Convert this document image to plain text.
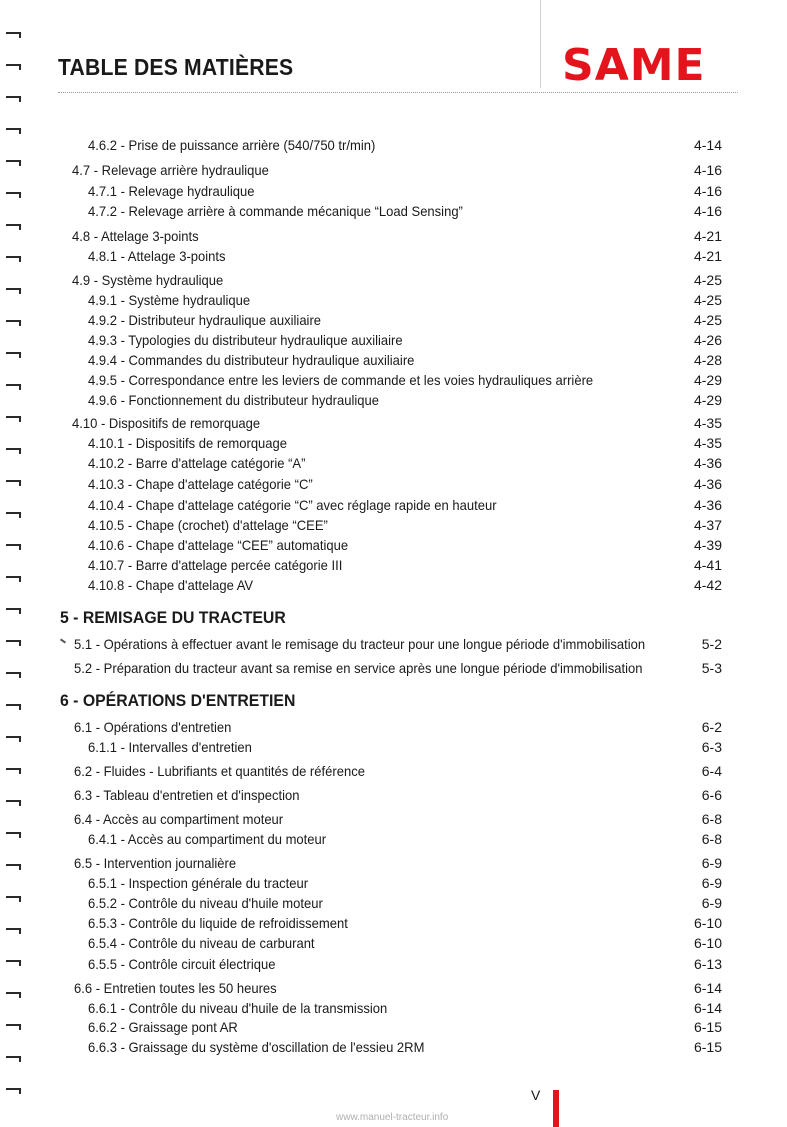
TABLE DES MATIÈRES	SAME
4.6.2 - Prise de puissance arrière (540/750 tr/min)	4-14
4.7 - Relevage arrière hydraulique	4-16
4.7.1 - Relevage hydraulique	4-16
4.7.2 - Relevage arrière à commande mécanique “Load Sensing”	4-16
4.8 - Attelage 3-points	4-21
4.8.1 - Attelage 3-points	4-21
4.9 - Système hydraulique	4-25
4.9.1 - Système hydraulique	4-25
4.9.2 - Distributeur hydraulique auxiliaire	4-25
4.9.3 - Typologies du distributeur hydraulique auxiliaire	4-26
4.9.4 - Commandes du distributeur hydraulique auxiliaire	4-28
4.9.5 - Correspondance entre les leviers de commande et les voies hydrauliques arrière	4-29
4.9.6 - Fonctionnement du distributeur hydraulique	4-29
4.10 - Dispositifs de remorquage	4-35
4.10.1 - Dispositifs de remorquage	4-35
4.10.2 - Barre d'attelage catégorie “A”	4-36
4.10.3 - Chape d'attelage catégorie “C”	4-36
4.10.4 - Chape d'attelage catégorie “C” avec réglage rapide en hauteur	4-36
4.10.5 - Chape (crochet) d'attelage “CEE”	4-37
4.10.6 - Chape d'attelage “CEE” automatique	4-39
4.10.7 - Barre d'attelage percée catégorie III	4-41
4.10.8 - Chape d'attelage AV	4-42
5 - REMISAGE DU TRACTEUR
5.1 - Opérations à effectuer avant le remisage du tracteur pour une longue période d'immobilisation	5-2
5.2 - Préparation du tracteur avant sa remise en service après une longue période d'immobilisation	5-3
6 - OPÉRATIONS D'ENTRETIEN
6.1 - Opérations d'entretien	6-2
6.1.1 - Intervalles d'entretien	6-3
6.2 - Fluides - Lubrifiants et quantités de référence	6-4
6.3 - Tableau d'entretien et d'inspection	6-6
6.4 - Accès au compartiment moteur	6-8
6.4.1 - Accès au compartiment du moteur	6-8
6.5 - Intervention journalière	6-9
6.5.1 - Inspection générale du tracteur	6-9
6.5.2 - Contrôle du niveau d'huile moteur	6-9
6.5.3 - Contrôle du liquide de refroidissement	6-10
6.5.4 - Contrôle du niveau de carburant	6-10
6.5.5 - Contrôle circuit électrique	6-13
6.6 - Entretien toutes les 50 heures	6-14
6.6.1 - Contrôle du niveau d'huile de la transmission	6-14
6.6.2 - Graissage pont AR	6-15
6.6.3 - Graissage du système d'oscillation de l'essieu 2RM	6-15
V
www.manuel-tracteur.info
